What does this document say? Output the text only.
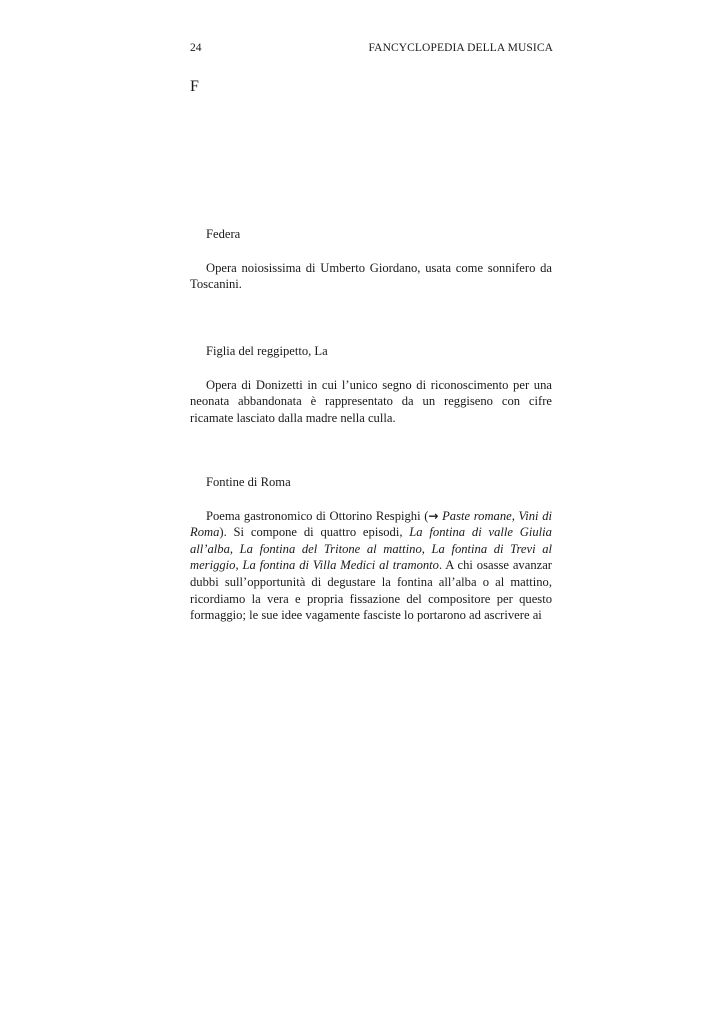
24	FANCYCLOPEDIA DELLA MUSICA
F

Federa

Opera noiosissima di Umberto Giordano, usata come sonnifero da Toscanini.

Figlia del reggipetto, La

Opera di Donizetti in cui l’unico segno di riconoscimento per una neonata abbandonata è rappresentato da un reggiseno con cifre ricamate lasciato dalla madre nella culla.

Fontine di Roma

Poema gastronomico di Ottorino Respighi (→ Paste romane, Vini di Roma). Si compone di quattro episodi, La fontina di valle Giulia all’alba, La fontina del Tritone al mattino, La fontina di Trevi al meriggio, La fontina di Villa Medici al tramonto. A chi osasse avanzar dubbi sull’opportunità di degustare la fontina all’alba o al mattino, ricordiamo la vera e propria fissazione del compositore per questo formaggio; le sue idee vagamente fasciste lo portarono ad ascrivere ai
